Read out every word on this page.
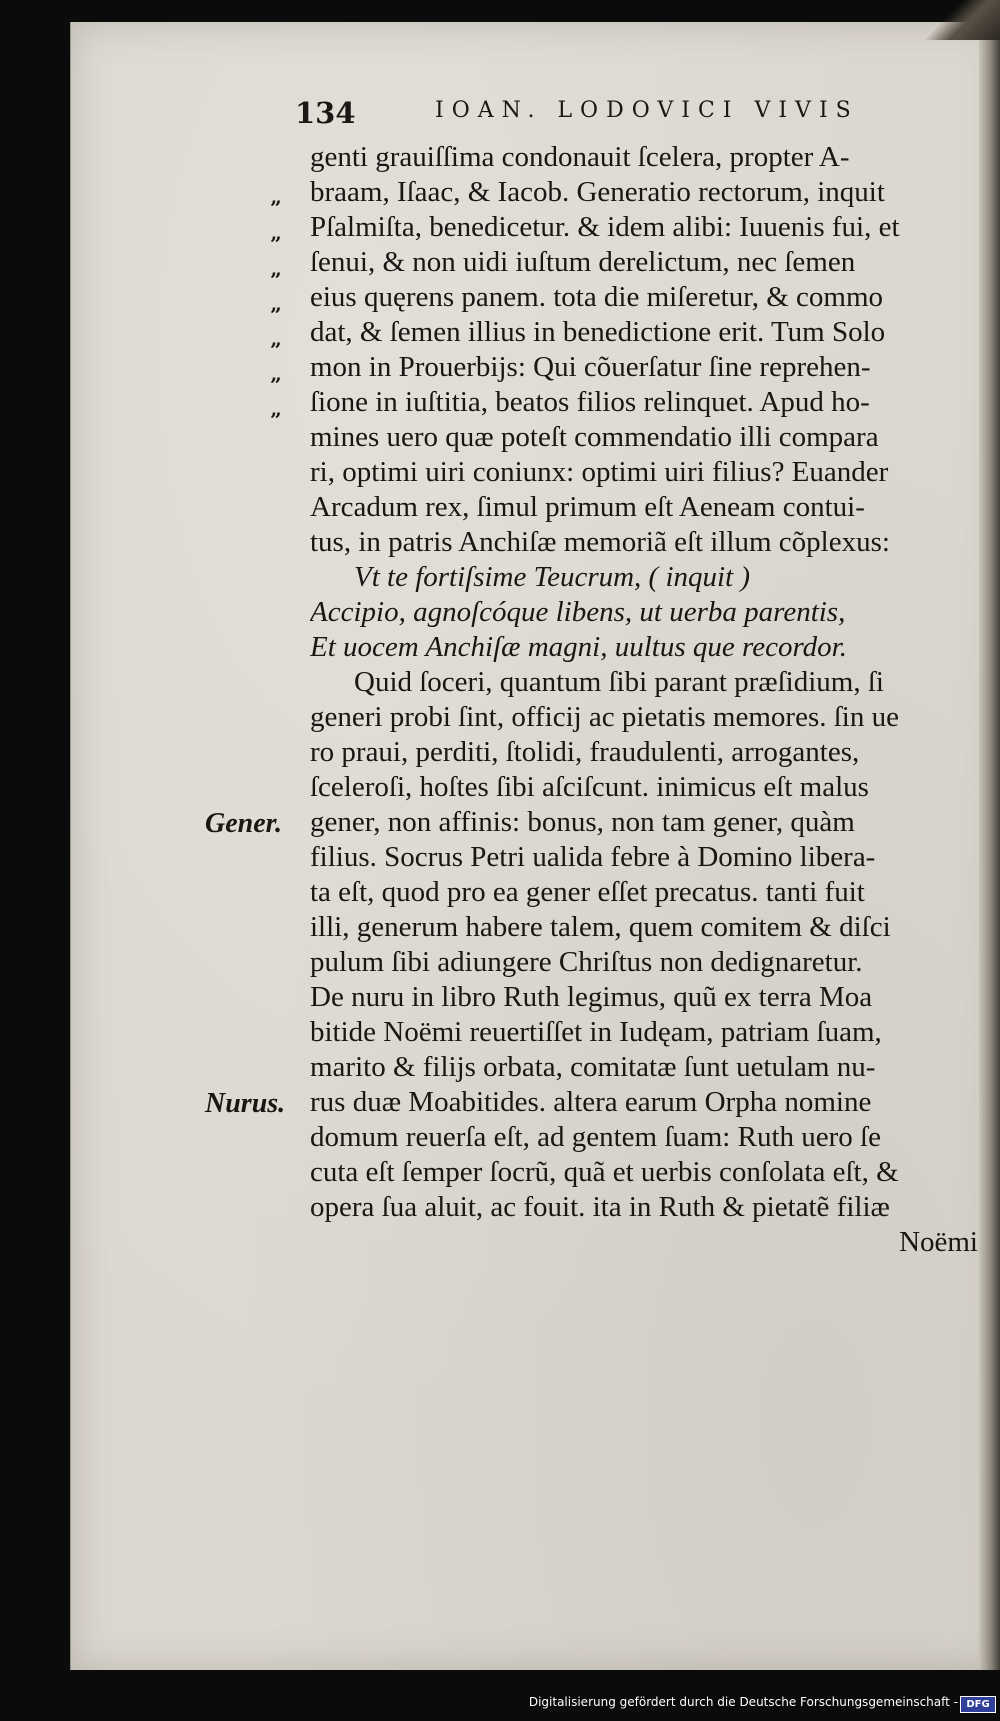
134	IOAN. LODOVICI VIVIS
”
”
”
”
”
”
”
Gener.
Nurus.
genti grauiſſima condonauit ſcelera, propter A-
braam, Iſaac, & Iacob. Generatio rectorum, inquit
Pſalmiſta, benedicetur. & idem alibi: Iuuenis fui, et
ſenui, & non uidi iuſtum derelictum, nec ſemen
eius quęrens panem. tota die miſeretur, & commo
dat, & ſemen illius in benedictione erit. Tum Solo
mon in Prouerbijs: Qui cõuerſatur ſine reprehen-
ſione in iuſtitia, beatos filios relinquet. Apud ho-
mines uero quæ poteſt commendatio illi compara
ri, optimi uiri coniunx: optimi uiri filius? Euander
Arcadum rex, ſimul primum eſt Aeneam contui-
tus, in patris Anchiſæ memoriã eſt illum cõplexus:
Vt te fortiſsime Teucrum, ( inquit )
Accipio, agnoſcóque libens, ut uerba parentis,
Et uocem Anchiſæ magni, uultus que recordor.
Quid ſoceri, quantum ſibi parant præſidium, ſi
generi probi ſint, officij ac pietatis memores. ſin ue
ro praui, perditi, ſtolidi, fraudulenti, arrogantes,
ſceleroſi, hoſtes ſibi aſciſcunt. inimicus eſt malus
gener, non affinis: bonus, non tam gener, quàm
filius. Socrus Petri ualida febre à Domino libera-
ta eſt, quod pro ea gener eſſet precatus. tanti fuit
illi, generum habere talem, quem comitem & diſci
pulum ſibi adiungere Chriſtus non dedignaretur.
De nuru in libro Ruth legimus, quũ ex terra Moa
bitide Noëmi reuertiſſet in Iudęam, patriam ſuam,
marito & filijs orbata, comitatæ ſunt uetulam nu-
rus duæ Moabitides. altera earum Orpha nomine
domum reuerſa eſt, ad gentem ſuam: Ruth uero ſe
cuta eſt ſemper ſocrũ, quã et uerbis conſolata eſt, &
opera ſua aluit, ac fouit. ita in Ruth & pietatẽ filiæ
Noëmi
Digitalisierung gefördert durch die Deutsche Forschungsgemeinschaft - DFG
